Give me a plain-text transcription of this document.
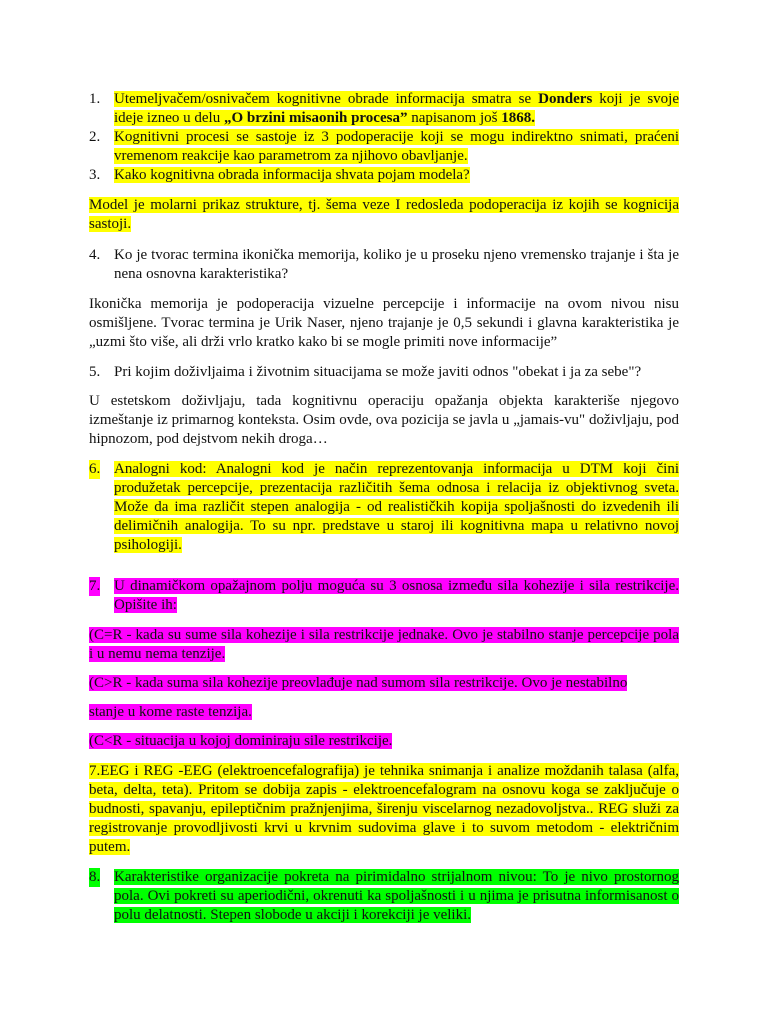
1. Utemeljvačem/osnivačem kognitivne obrade informacija smatra se Donders koji je svoje ideje izneo u delu „O brzini misaonih procesa” napisanom još 1868.
2. Kognitivni procesi se sastoje iz 3 podoperacije koji se mogu indirektno snimati, praćeni vremenom reakcije kao parametrom za njihovo obavljanje.
3. Kako kognitivna obrada informacija shvata pojam modela?

Model je molarni prikaz strukture, tj. šema veze I redosleda podoperacija iz kojih se kognicija sastoji.

4. Ko je tvorac termina ikonička memorija, koliko je u proseku njeno vremensko trajanje i šta je nena osnovna karakteristika?

Ikonička memorija je podoperacija vizuelne percepcije i informacije na ovom nivou nisu osmišljene. Tvorac termina je Urik Naser, njeno trajanje je 0,5 sekundi i glavna karakteristika je „uzmi što više, ali drži vrlo kratko kako bi se mogle primiti nove informacije”

5. Pri kojim doživljaima i životnim situacijama se može javiti odnos "obekat i ja za sebe"?

U estetskom doživljaju, tada kognitivnu operaciju opažanja objekta karakteriše njegovo izmeštanje iz primarnog konteksta. Osim ovde, ova pozicija se javla u „jamais-vu" doživljaju, pod hipnozom, pod dejstvom nekih droga…

6. Analogni kod: Analogni kod je način reprezentovanja informacija u DTM koji čini produžetak percepcije, prezentacija različitih šema odnosa i relacija iz objektivnog sveta. Može da ima različit stepen analogija - od realističkih kopija spoljašnosti do izvedenih ili delimičnih analogija. To su npr. predstave u staroj ili kognitivna mapa u relativno novoj psihologiji.
7. U dinamičkom opažajnom polju moguća su 3 osnosa između sila kohezije i sila restrikcije. Opišite ih:

(C=R - kada su sume sila kohezije i sila restrikcije jednake. Ovo je stabilno stanje percepcije pola i u nemu nema tenzije.

(C>R - kada suma sila kohezije preovlađuje nad sumom sila restrikcije. Ovo je nestabilno

stanje u kome raste tenzija.

(C<R - situacija u kojoj dominiraju sile restrikcije.

7.EEG i REG -EEG (elektroencefalografija) je tehnika snimanja i analize moždanih talasa (alfa, beta, delta, teta). Pritom se dobija zapis - elektroencefalogram na osnovu koga se zaključuje o budnosti, spavanju, epileptičnim pražnjenjima, širenju viscelarnog nezadovoljstva.. REG služi za registrovanje provodljivosti krvi u krvnim sudovima glave i to suvom metodom - električnim putem.

8. Karakteristike organizacije pokreta na pirimidalno strijalnom nivou: To je nivo prostornog pola. Ovi pokreti su aperiodični, okrenuti ka spoljašnosti i u njima je prisutna informisanost o polu delatnosti. Stepen slobode u akciji i korekciji je veliki.
